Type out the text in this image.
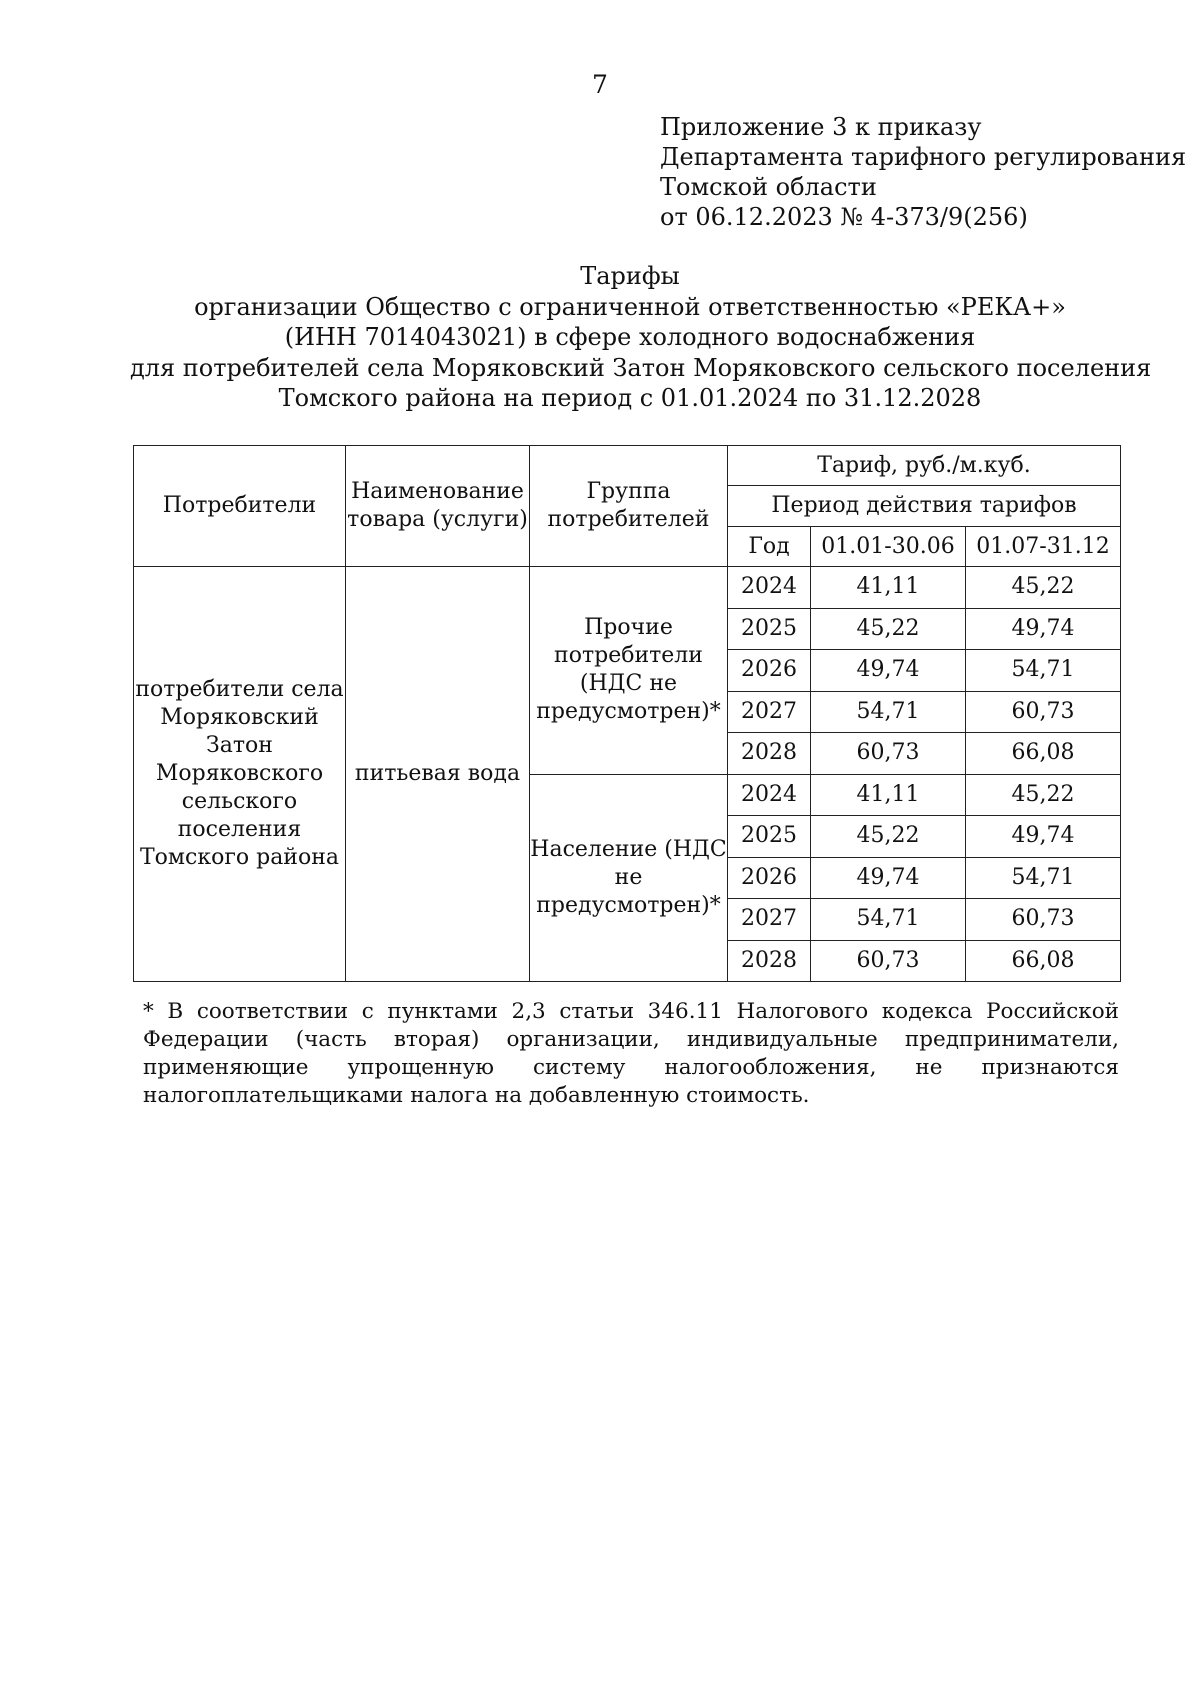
7
Приложение 3 к приказу
Департамента тарифного регулирования
Томской области
от 06.12.2023 № 4-373/9(256)
Тарифы
организации Общество с ограниченной ответственностью «РЕКА+»
(ИНН 7014043021) в сфере холодного водоснабжения
для потребителей села Моряковский Затон Моряковского сельского поселения
Томского района на период с 01.01.2024 по 31.12.2028
Потребители	Наименование товара (услуги)	Группа потребителей	Тариф, руб./м.куб.		
			Период действия тарифов		
			Год	01.01-30.06	01.07-31.12
потребители села Моряковский Затон Моряковского сельского поселения Томского района	питьевая вода	Прочие потребители (НДС не предусмотрен)*	2024	41,11	45,22
			2025	45,22	49,74
			2026	49,74	54,71
			2027	54,71	60,73
			2028	60,73	66,08
		Население (НДС не предусмотрен)*	2024	41,11	45,22
			2025	45,22	49,74
			2026	49,74	54,71
			2027	54,71	60,73
			2028	60,73	66,08
* В соответствии с пунктами 2,3 статьи 346.11 Налогового кодекса Российской Федерации (часть вторая) организации, индивидуальные предприниматели, применяющие упрощенную систему налогообложения, не признаются налогоплательщиками налога на добавленную стоимость.
